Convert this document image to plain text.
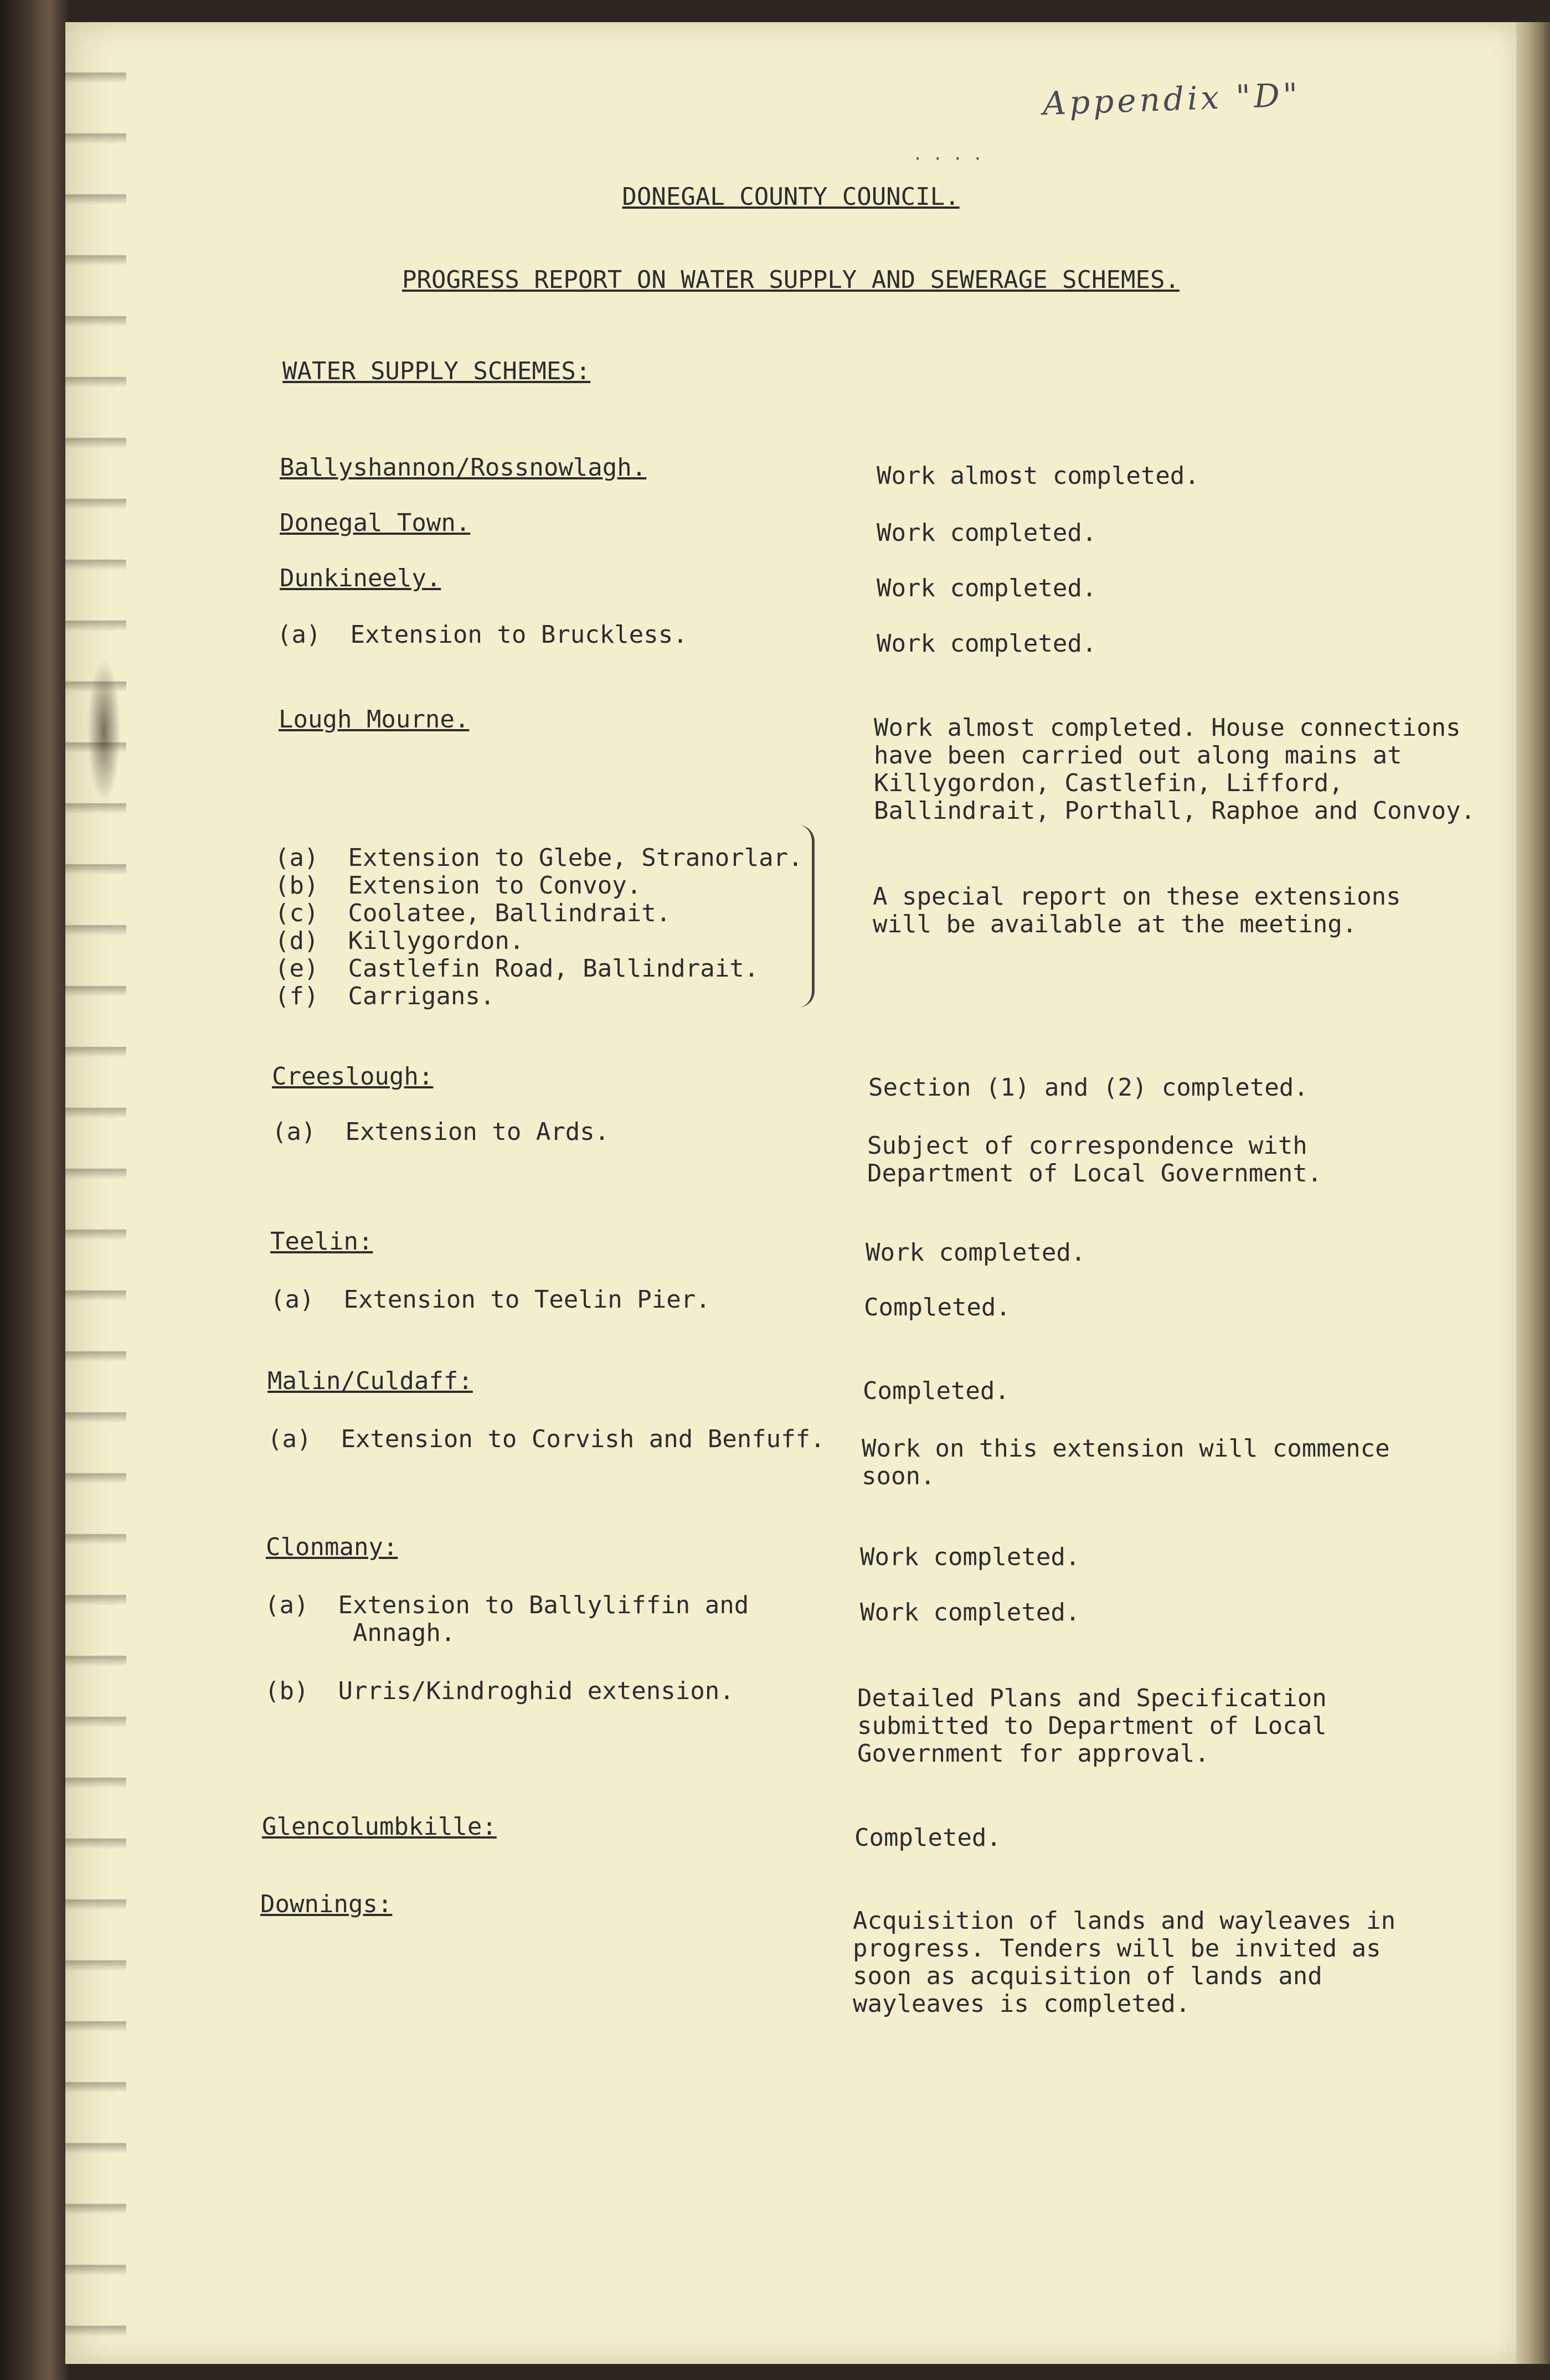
· · · ·
Appendix "D"
DONEGAL COUNTY COUNCIL.
PROGRESS REPORT ON WATER SUPPLY AND SEWERAGE SCHEMES.
WATER SUPPLY SCHEMES:
Ballyshannon/Rossnowlagh.
Donegal Town.
Dunkineely.
(a)  Extension to Bruckless.
Lough Mourne.
(a)  Extension to Glebe, Stranorlar.
(b)  Extension to Convoy.
(c)  Coolatee, Ballindrait.
(d)  Killygordon.
(e)  Castlefin Road, Ballindrait.
(f)  Carrigans.
Creeslough:
(a)  Extension to Ards.
Teelin:
(a)  Extension to Teelin Pier.
Malin/Culdaff:
(a)  Extension to Corvish and Benfuff.
Clonmany:
(a)  Extension to Ballyliffin and
Annagh.
(b)  Urris/Kindroghid extension.
Glencolumbkille:
Downings:
Work almost completed.
Work completed.
Work completed.
Work completed.
Work almost completed. House connections
have been carried out along mains at
Killygordon, Castlefin, Lifford,
Ballindrait, Porthall, Raphoe and Convoy.
A special report on these extensions
will be available at the meeting.
Section (1) and (2) completed.
Subject of correspondence with
Department of Local Government.
Work completed.
Completed.
Completed.
Work on this extension will commence
soon.
Work completed.
Work completed.
Detailed Plans and Specification
submitted to Department of Local
Government for approval.
Completed.
Acquisition of lands and wayleaves in
progress. Tenders will be invited as
soon as acquisition of lands and
wayleaves is completed.
